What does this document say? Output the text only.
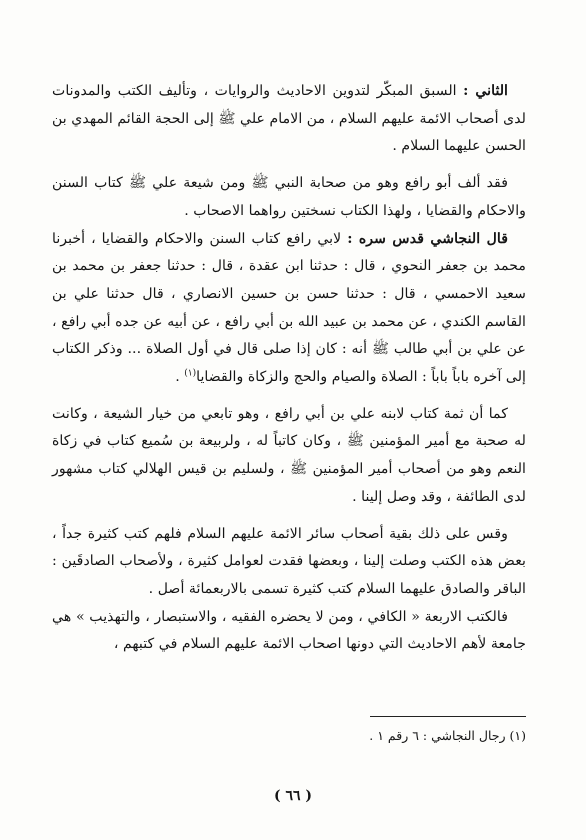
الثاني : السبق المبكّر لتدوين الاحاديث والروايات ، وتأليف الكتب والمدونات لدى أصحاب الائمة عليهم السلام ، من الامام علي ﷺ إلى الحجة القائم المهدي بن الحسن عليهما السلام .

فقد ألف أبو رافع وهو من صحابة النبي ﷺ ومن شيعة علي ﷺ كتاب السنن والاحكام والقضايا ، ولهذا الكتاب نسختين رواهما الاصحاب .

قال النجاشي قدس سره : لابي رافع كتاب السنن والاحكام والقضايا ، أخبرنا محمد بن جعفر النحوي ، قال : حدثنا ابن عقدة ، قال : حدثنا جعفر بن محمد بن سعيد الاحمسي ، قال : حدثنا حسن بن حسين الانصاري ، قال حدثنا علي بن القاسم الكندي ، عن محمد بن عبيد الله بن أبي رافع ، عن أبيه عن جده أبي رافع ، عن علي بن أبي طالب ﷺ أنه : كان إذا صلى قال في أول الصلاة ... وذكر الكتاب إلى آخره باباً باباً : الصلاة والصيام والحج والزكاة والقضايا$^{(١)}$ .

كما أن ثمة كتاب لابنه علي بن أبي رافع ، وهو تابعي من خيار الشيعة ، وكانت له صحبة مع أمير المؤمنين ﷺ ، وكان كاتباً له ، ولربيعة بن سُميع كتاب في زكاة النعم وهو من أصحاب أمير المؤمنين ﷺ ، ولسليم بن قيس الهلالي كتاب مشهور لدى الطائفة ، وقد وصل إلينا .

وقس على ذلك بقية أصحاب سائر الائمة عليهم السلام فلهم كتب كثيرة جداً ، بعض هذه الكتب وصلت إلينا ، وبعضها فقدت لعوامل كثيرة ، ولأصحاب الصادقَين : الباقر والصادق عليهما السلام كتب كثيرة تسمى بالاربعمائة أصل .

فالكتب الاربعة « الكافي ، ومن لا يحضره الفقيه ، والاستبصار ، والتهذيب » هي جامعة لأهم الاحاديث التي دونها اصحاب الائمة عليهم السلام في كتبهم ،

(١) رجال النجاشي : ٦ رقم ١ .
( ٦٦ )
